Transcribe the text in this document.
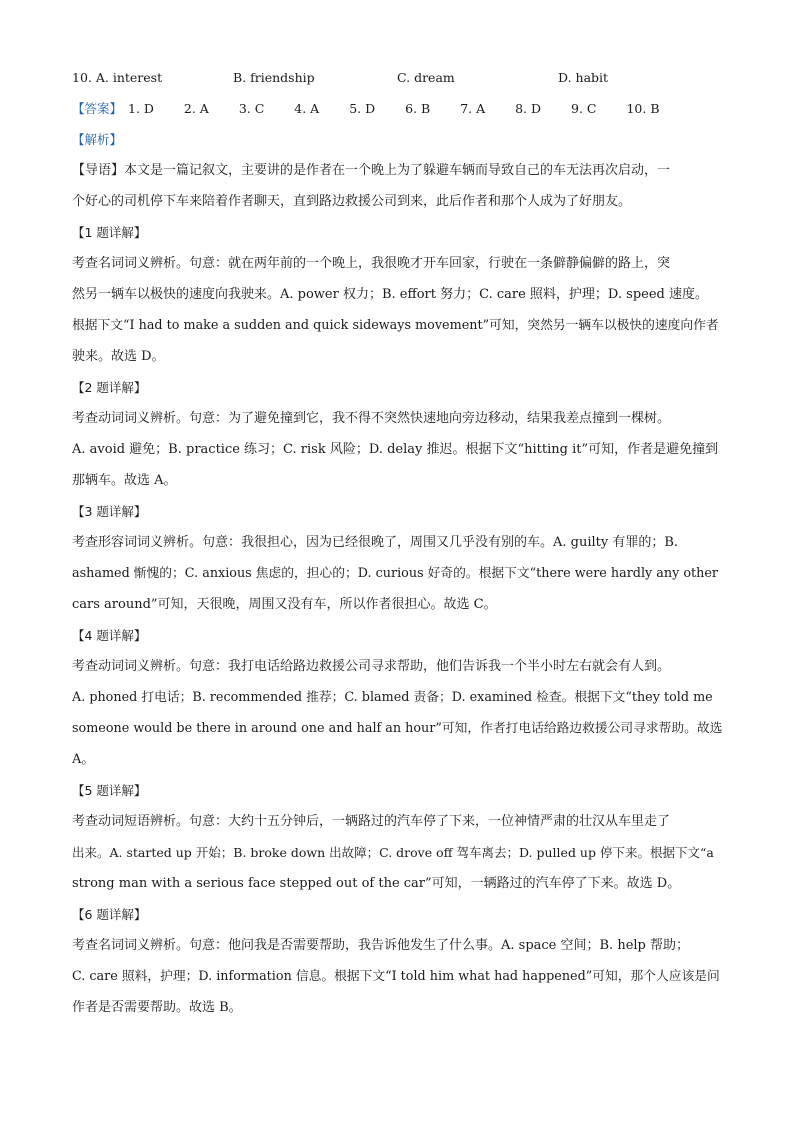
10. A. interest	B. friendship	C. dream	D. habit
【答案】 1. D 2. A 3. C 4. A 5. D 6. B 7. A 8. D 9. C 10. B
【解析】
【导语】本文是一篇记叙文，主要讲的是作者在一个晚上为了躲避车辆而导致自己的车无法再次启动，一
个好心的司机停下车来陪着作者聊天，直到路边救援公司到来，此后作者和那个人成为了好朋友。
【1 题详解】
考查名词词义辨析。句意：就在两年前的一个晚上，我很晚才开车回家，行驶在一条僻静偏僻的路上，突
然另一辆车以极快的速度向我驶来。A. power 权力；B. effort 努力；C. care 照料，护理；D. speed 速度。
根据下文“I had to make a sudden and quick sideways movement”可知，突然另一辆车以极快的速度向作者
驶来。故选 D。
【2 题详解】
考查动词词义辨析。句意：为了避免撞到它，我不得不突然快速地向旁边移动，结果我差点撞到一棵树。
A. avoid 避免；B. practice 练习；C. risk 风险；D. delay 推迟。根据下文“hitting it”可知，作者是避免撞到
那辆车。故选 A。
【3 题详解】
考查形容词词义辨析。句意：我很担心，因为已经很晚了，周围又几乎没有别的车。A. guilty 有罪的；B.
ashamed 惭愧的；C. anxious 焦虑的，担心的；D. curious 好奇的。根据下文“there were hardly any other
cars around”可知，天很晚，周围又没有车，所以作者很担心。故选 C。
【4 题详解】
考查动词词义辨析。句意：我打电话给路边救援公司寻求帮助，他们告诉我一个半小时左右就会有人到。
A. phoned 打电话；B. recommended 推荐；C. blamed 责备；D. examined 检查。根据下文“they told me
someone would be there in around one and half an hour”可知，作者打电话给路边救援公司寻求帮助。故选
A。
【5 题详解】
考查动词短语辨析。句意：大约十五分钟后，一辆路过的汽车停了下来，一位神情严肃的壮汉从车里走了
出来。A. started up 开始；B. broke down 出故障；C. drove off 驾车离去；D. pulled up 停下来。根据下文“a
strong man with a serious face stepped out of the car”可知，一辆路过的汽车停了下来。故选 D。
【6 题详解】
考查名词词义辨析。句意：他问我是否需要帮助，我告诉他发生了什么事。A. space 空间；B. help 帮助；
C. care 照料，护理；D. information 信息。根据下文“I told him what had happened”可知，那个人应该是问
作者是否需要帮助。故选 B。
